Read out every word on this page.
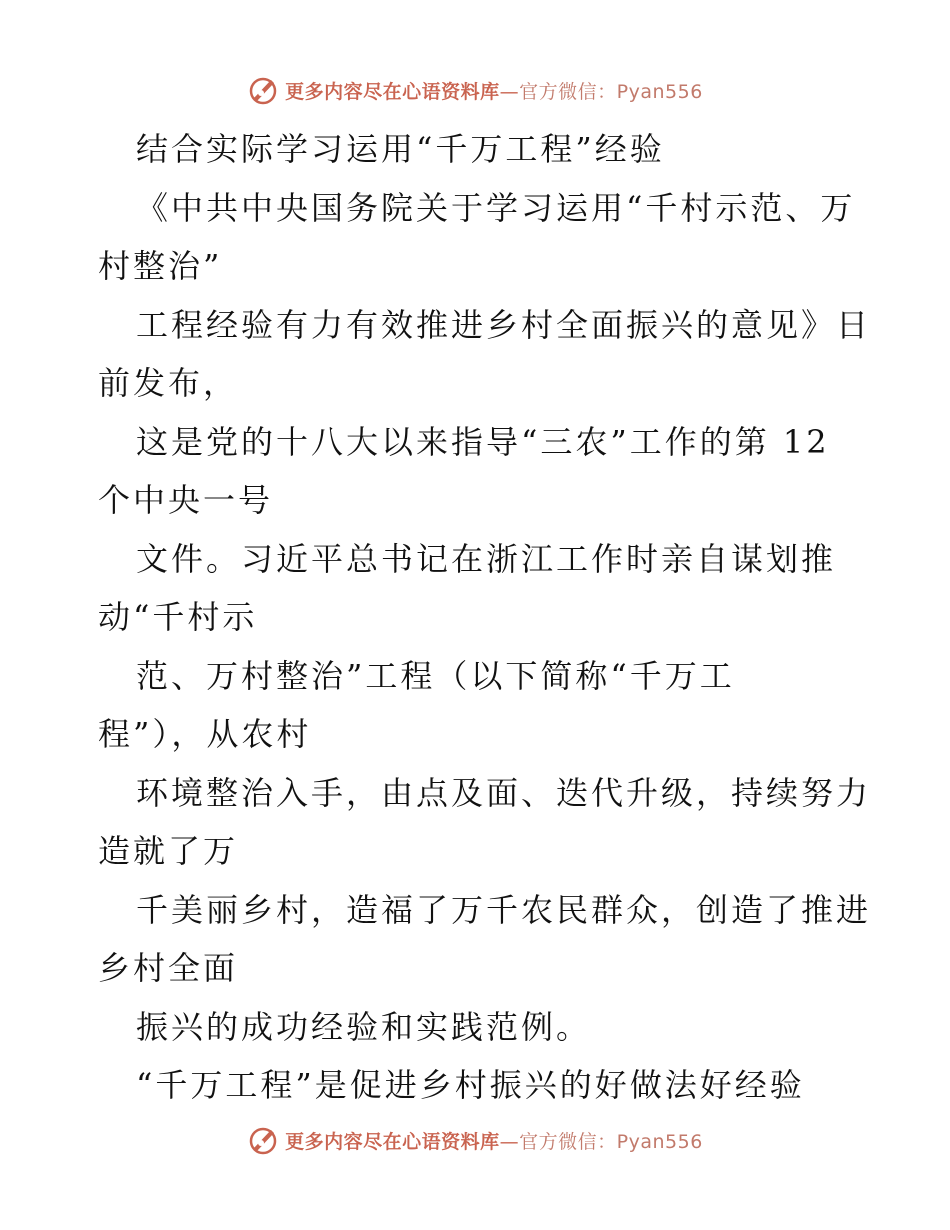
更多内容尽在心语资料库—官方微信：Pyan556
结合实际学习运用“千万工程”经验
《中共中央国务院关于学习运用“千村示范、万
村整治”
工程经验有力有效推进乡村全面振兴的意见》日
前发布，
这是党的十八大以来指导“三农”工作的第 12
个中央一号
文件。习近平总书记在浙江工作时亲自谋划推
动“千村示
范、万村整治”工程（以下简称“千万工
程”），从农村
环境整治入手，由点及面、迭代升级，持续努力
造就了万
千美丽乡村，造福了万千农民群众，创造了推进
乡村全面
振兴的成功经验和实践范例。
“千万工程”是促进乡村振兴的好做法好经验
更多内容尽在心语资料库—官方微信：Pyan556
